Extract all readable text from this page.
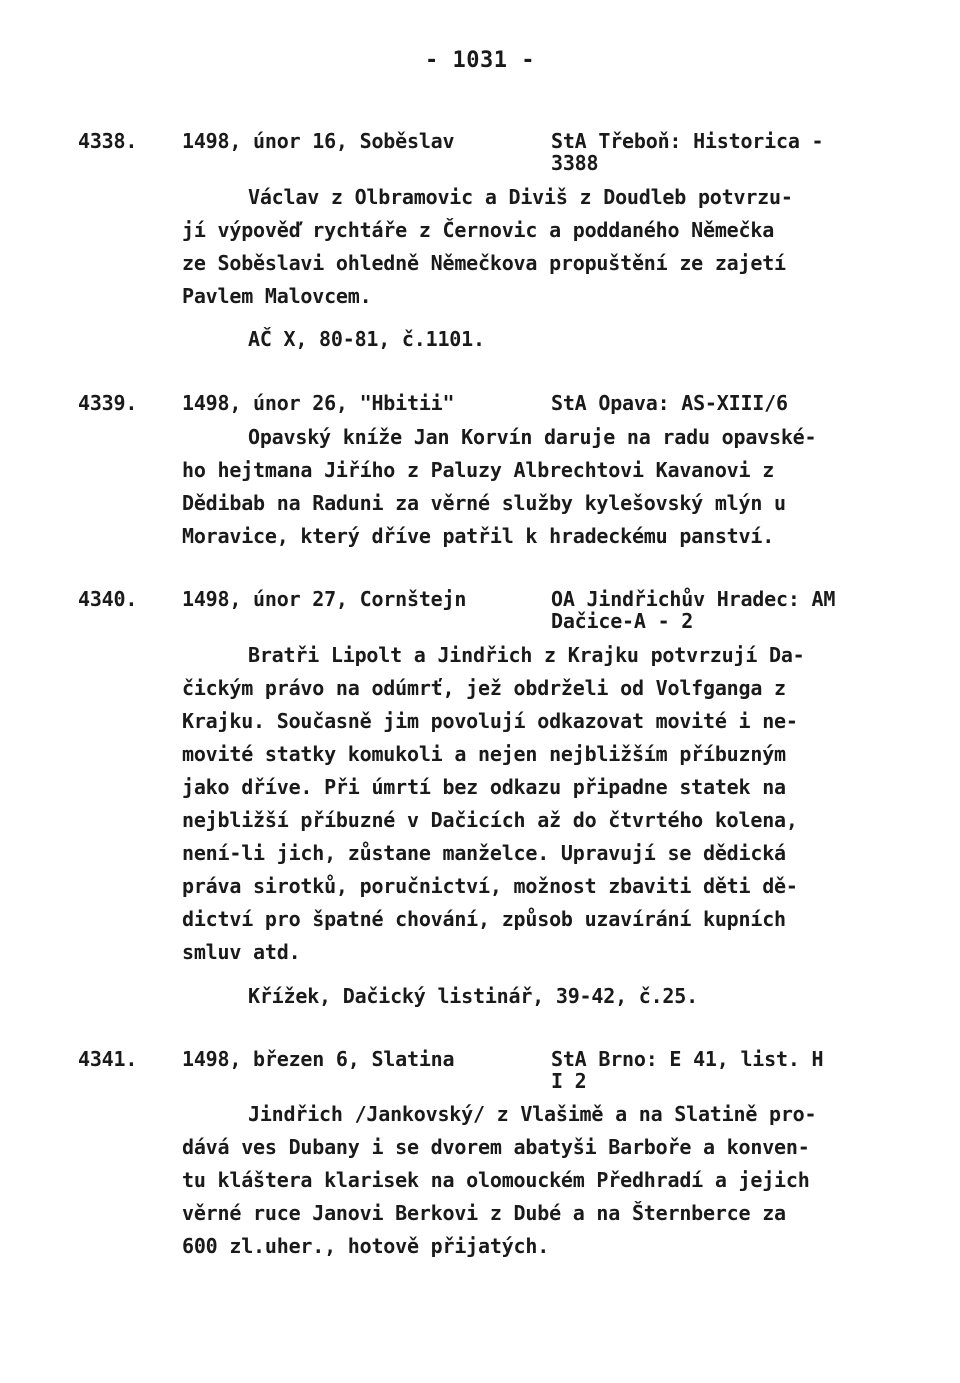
- 1031 -
4338. 1498, únor 16, Soběslav	StA Třeboň: Historica -
3388
Václav z Olbramovic a Diviš z Doudleb potvrzu-
jí výpověď rychtáře z Černovic a poddaného Němečka
ze Soběslavi ohledně Němečkova propuštění ze zajetí
Pavlem Malovcem.
AČ X, 80-81, č.1101.
4339. 1498, únor 26, "Hbitii"	StA Opava: AS-XIII/6
Opavský kníže Jan Korvín daruje na radu opavské-
ho hejtmana Jiřího z Paluzy Albrechtovi Kavanovi z
Dědibab na Raduni za věrné služby kylešovský mlýn u
Moravice, který dříve patřil k hradeckému panství.
4340. 1498, únor 27, Cornštejn	OA Jindřichův Hradec: AM
Dačice-A - 2
Bratři Lipolt a Jindřich z Krajku potvrzují Da-
čickým právo na odúmrť, jež obdrželi od Volfganga z
Krajku. Současně jim povolují odkazovat movité i ne-
movité statky komukoli a nejen nejbližším příbuzným
jako dříve. Při úmrtí bez odkazu připadne statek na
nejbližší příbuzné v Dačicích až do čtvrtého kolena,
není-li jich, zůstane manželce. Upravují se dědická
práva sirotků, poručnictví, možnost zbaviti děti dě-
dictví pro špatné chování, způsob uzavírání kupních
smluv atd.
Křížek, Dačický listinář, 39-42, č.25.
4341. 1498, březen 6, Slatina	StA Brno: E 41, list. H
I 2
Jindřich /Jankovský/ z Vlašimě a na Slatině pro-
dává ves Dubany i se dvorem abatyši Barboře a konven-
tu kláštera klarisek na olomouckém Předhradí a jejich
věrné ruce Janovi Berkovi z Dubé a na Šternberce za
600 zl.uher., hotově přijatých.
